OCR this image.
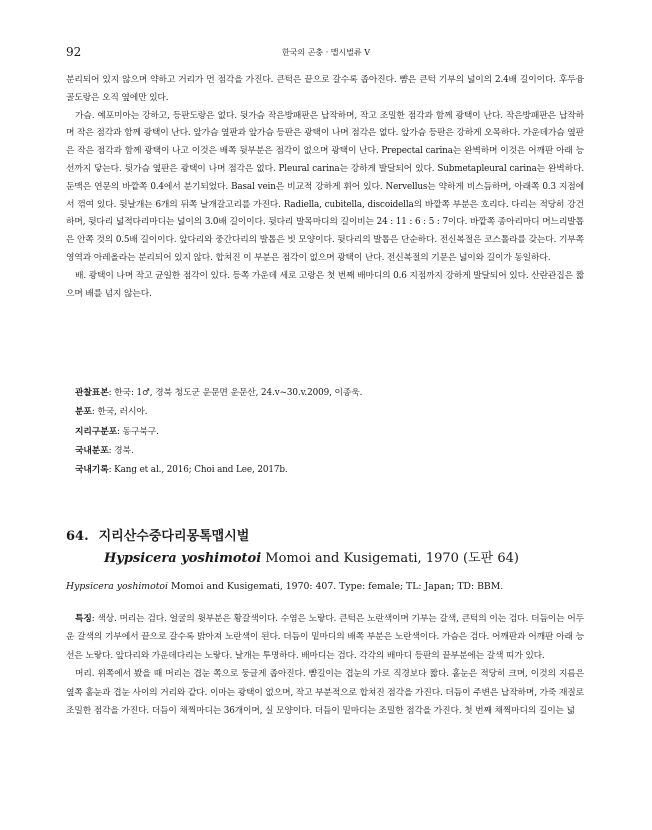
92	한국의 곤충 · 맵시벌류 V

분리되어 있지 않으며 약하고 거리가 먼 점각을 가진다. 큰턱은 끝으로 갈수록 좁아진다. 뺨은 큰턱 기부의 넓이의 2.4배 길이이다. 후두융골도랑은 오직 옆에만 있다.

가슴. 예포미아는 강하고, 등판도랑은 없다. 뒷가슴 작은방패판은 납작하며, 작고 조밀한 점각과 함께 광택이 난다. 작은방패판은 납작하며 작은 점각과 함께 광택이 난다. 앞가슴 옆판과 앞가슴 등판은 광택이 나며 점각은 없다. 앞가슴 등판은 강하게 오목하다. 가운데가슴 옆판은 작은 점각과 함께 광택이 나고 이것은 배쪽 뒷부분은 점각이 없으며 광택이 난다. Prepectal carina는 완벽하며 이것은 어깨판 아래 능선까지 닿는다. 뒷가슴 옆판은 광택이 나며 점각은 없다. Pleural carina는 강하게 발달되어 있다. Submetapleural carina는 완벽하다. 둔맥은 연문의 바깥쪽 0.4에서 분기되었다. Basal vein은 비교적 강하게 휘어 있다. Nervellus는 약하게 비스듬하며, 아래쪽 0.3 지점에서 꺾여 있다. 뒷날개는 6개의 뒤쪽 날개갈고리를 가진다. Radiella, cubitella, discoidella의 바깥쪽 부분은 흐리다. 다리는 적당히 강건하며, 뒷다리 넓적다리마디는 넓이의 3.0배 길이이다. 뒷다리 발목마디의 길이비는 24 : 11 : 6 : 5 : 7이다. 바깥쪽 종아리마디 며느리발톱은 안쪽 것의 0.5배 길이이다. 앞다리와 중간다리의 발톱은 빗 모양이다. 뒷다리의 발톱은 단순하다. 전신복절은 코스톨라를 갖는다. 기부쪽 영역과 아레올라는 분리되어 있지 않다. 합쳐진 이 부분은 점각이 없으며 광택이 난다. 전신복절의 기문은 넓이와 길이가 동일하다.

배. 광택이 나며 작고 균일한 점각이 있다. 등쪽 가운데 세로 고랑은 첫 번째 배마디의 0.6 지점까지 강하게 발달되어 있다. 산란관집은 짧으며 배를 넘지 않는다.

관찰표본: 한국: 1♂, 경북 청도군 운문면 운문산, 24.v~30.v.2009, 이종욱.

분포: 한국, 러시아.

지리구분포: 동구북구.

국내분포: 경북.

국내기록: Kang et al., 2016; Choi and Lee, 2017b.

64. 지리산수중다리몽톡맵시벌

Hypsicera yoshimotoi Momoi and Kusigemati, 1970 (도판 64)

Hypsicera yoshimotoi Momoi and Kusigemati, 1970: 407. Type: female; TL: Japan; TD: BBM.

특징: 색상. 머리는 검다. 얼굴의 윗부분은 황갈색이다. 수염은 노랗다. 큰턱은 노란색이며 기부는 갈색, 큰턱의 이는 검다. 더듬이는 어두운 갈색의 기부에서 끝으로 갈수록 밝아져 노란색이 된다. 더듬이 밑마디의 배쪽 부분은 노란색이다. 가슴은 검다. 어깨판과 어깨판 아래 능선은 노랗다. 앞다리와 가운데다리는 노랗다. 날개는 투명하다. 배마디는 검다. 각각의 배마디 등판의 끝부분에는 갈색 띠가 있다.

머리. 위쪽에서 봤을 때 머리는 겹눈 쪽으로 둥글게 좁아진다. 뺨길이는 겹눈의 가로 직경보다 짧다. 홑눈은 적당히 크며, 이것의 지름은 옆쪽 홑눈과 겹눈 사이의 거리와 같다. 이마는 광택이 없으며, 작고 부분적으로 합쳐진 점각을 가진다. 더듬이 주변은 납작하며, 가죽 재질로 조밀한 점각을 가진다. 더듬이 채찍마디는 36개이며, 실 모양이다. 더듬이 밑마디는 조밀한 점각을 가진다. 첫 번째 채찍마디의 길이는 넓
